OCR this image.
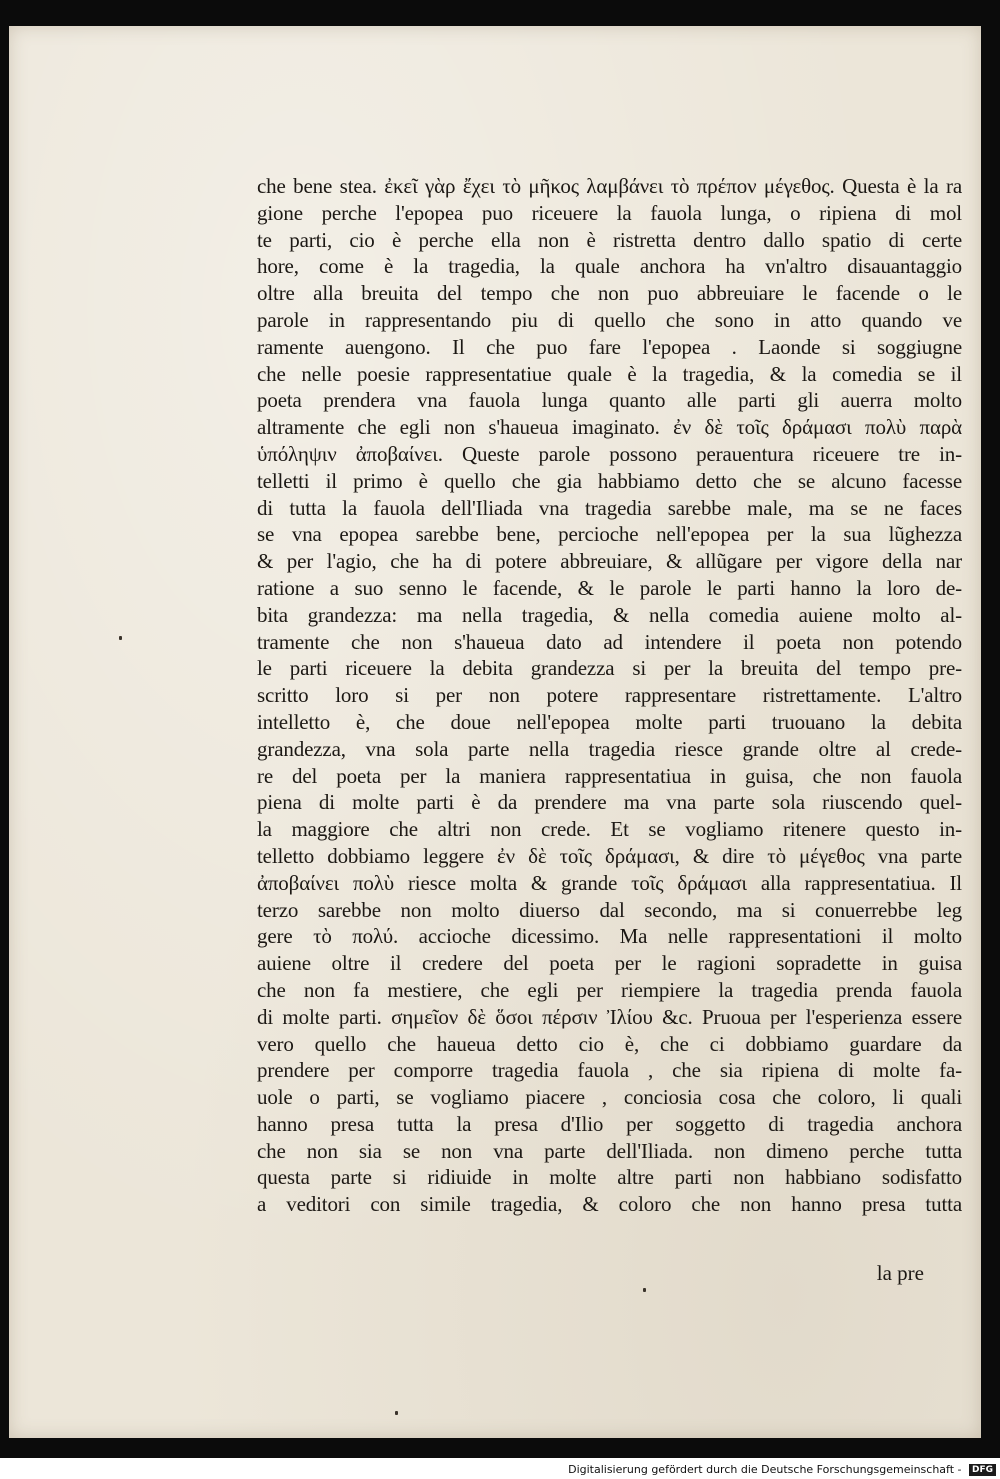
che bene stea. ἐκεῖ γὰρ ἔχει τὸ μῆκος λαμβάνει τὸ πρέπον μέγεθος. Questa è la ra
gione perche l'epopea puo riceuere la fauola lunga, o ripiena di mol
te parti, cio è perche ella non è ristretta dentro dallo spatio di certe
hore, come è la tragedia, la quale anchora ha vn'altro disauantaggio
oltre alla breuita del tempo che non puo abbreuiare le facende o le
parole in rappresentando piu di quello che sono in atto quando ve
ramente auengono. Il che puo fare l'epopea . Laonde si soggiugne
che nelle poesie rappresentatiue quale è la tragedia, & la comedia se il
poeta prendera vna fauola lunga quanto alle parti gli auerra molto
altramente che egli non s'haueua imaginato. ἐν δὲ τοῖς δράμασι πολὺ παρὰ
ὑπόληψιν ἀποβαίνει. Queste parole possono perauentura riceuere tre in-
telletti il primo è quello che gia habbiamo detto che se alcuno facesse
di tutta la fauola dell'Iliada vna tragedia sarebbe male, ma se ne faces
se vna epopea sarebbe bene, percioche nell'epopea per la sua lũghezza
& per l'agio, che ha di potere abbreuiare, & allũgare per vigore della nar
ratione a suo senno le facende, & le parole le parti hanno la loro de-
bita grandezza: ma nella tragedia, & nella comedia auiene molto al-
tramente che non s'haueua dato ad intendere il poeta non potendo
le parti riceuere la debita grandezza si per la breuita del tempo pre-
scritto loro si per non potere rappresentare ristrettamente. L'altro
intelletto è, che doue nell'epopea molte parti truouano la debita
grandezza, vna sola parte nella tragedia riesce grande oltre al crede-
re del poeta per la maniera rappresentatiua in guisa, che non fauola
piena di molte parti è da prendere ma vna parte sola riuscendo quel-
la maggiore che altri non crede. Et se vogliamo ritenere questo in-
telletto dobbiamo leggere ἐν δὲ τοῖς δράμασι, & dire τὸ μέγεθος vna parte
ἀποβαίνει πολὺ riesce molta & grande τοῖς δράμασι alla rappresentatiua. Il
terzo sarebbe non molto diuerso dal secondo, ma si conuerrebbe leg
gere τὸ πολύ. accioche dicessimo. Ma nelle rappresentationi il molto
auiene oltre il credere del poeta per le ragioni sopradette in guisa
che non fa mestiere, che egli per riempiere la tragedia prenda fauola
di molte parti. σημεῖον δὲ ὅσοι πέρσιν Ἰλίου &c. Pruoua per l'esperienza essere
vero quello che haueua detto cio è, che ci dobbiamo guardare da
prendere per comporre tragedia fauola , che sia ripiena di molte fa-
uole o parti, se vogliamo piacere , conciosia cosa che coloro, li quali
hanno presa tutta la presa d'Ilio per soggetto di tragedia anchora
che non sia se non vna parte dell'Iliada. non dimeno perche tutta
questa parte si ridiuide in molte altre parti non habbiano sodisfatto
a veditori con simile tragedia, & coloro che non hanno presa tutta
la pre
Digitalisierung gefördert durch die Deutsche Forschungsgemeinschaft - DFG
